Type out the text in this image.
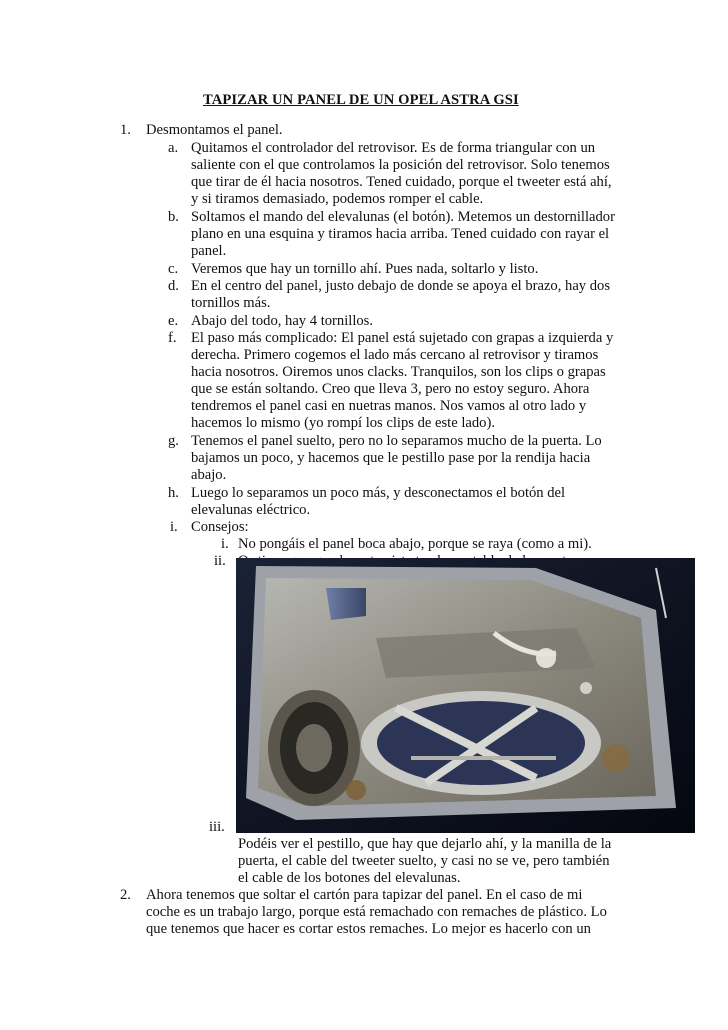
TAPIZAR UN PANEL DE UN OPEL ASTRA GSI
1. Desmontamos el panel.
a. Quitamos el controlador del retrovisor. Es de forma triangular con un
saliente con el que controlamos la posición del retrovisor. Solo tenemos
que tirar de él hacia nosotros. Tened cuidado, porque el tweeter está ahí,
y si tiramos demasiado, podemos romper el cable.
b. Soltamos el mando del elevalunas (el botón). Metemos un destornillador
plano en una esquina y tiramos hacia arriba. Tened cuidado con rayar el
panel.
c. Veremos que hay un tornillo ahí. Pues nada, soltarlo y listo.
d. En el centro del panel, justo debajo de donde se apoya el brazo, hay dos
tornillos más.
e. Abajo del todo, hay 4 tornillos.
f. El paso más complicado: El panel está sujetado con grapas a izquierda y
derecha. Primero cogemos el lado más cercano al retrovisor y tiramos
hacia nosotros. Oiremos unos clacks. Tranquilos, son los clips o grapas
que se están soltando. Creo que lleva 3, pero no estoy seguro. Ahora
tendremos el panel casi en nuetras manos. Nos vamos al otro lado y
hacemos lo mismo (yo rompí los clips de este lado).
g. Tenemos el panel suelto, pero no lo separamos mucho de la puerta. Lo
bajamos un poco, y hacemos que le pestillo pase por la rendija hacia
abajo.
h. Luego lo separamos un poco más, y desconectamos el botón del
elevalunas eléctrico.
i. Consejos:
i. No pongáis el panel boca abajo, porque se raya (como a mi).
ii.
iii.
Podéis ver el pestillo, que hay que dejarlo ahí, y la manilla de la
puerta, el cable del tweeter suelto, y casi no se ve, pero también
el cable de los botones del elevalunas.
2. Ahora tenemos que soltar el cartón para tapizar del panel. En el caso de mi
coche es un trabajo largo, porque está remachado con remaches de plástico. Lo
que tenemos que hacer es cortar estos remaches. Lo mejor es hacerlo con un
